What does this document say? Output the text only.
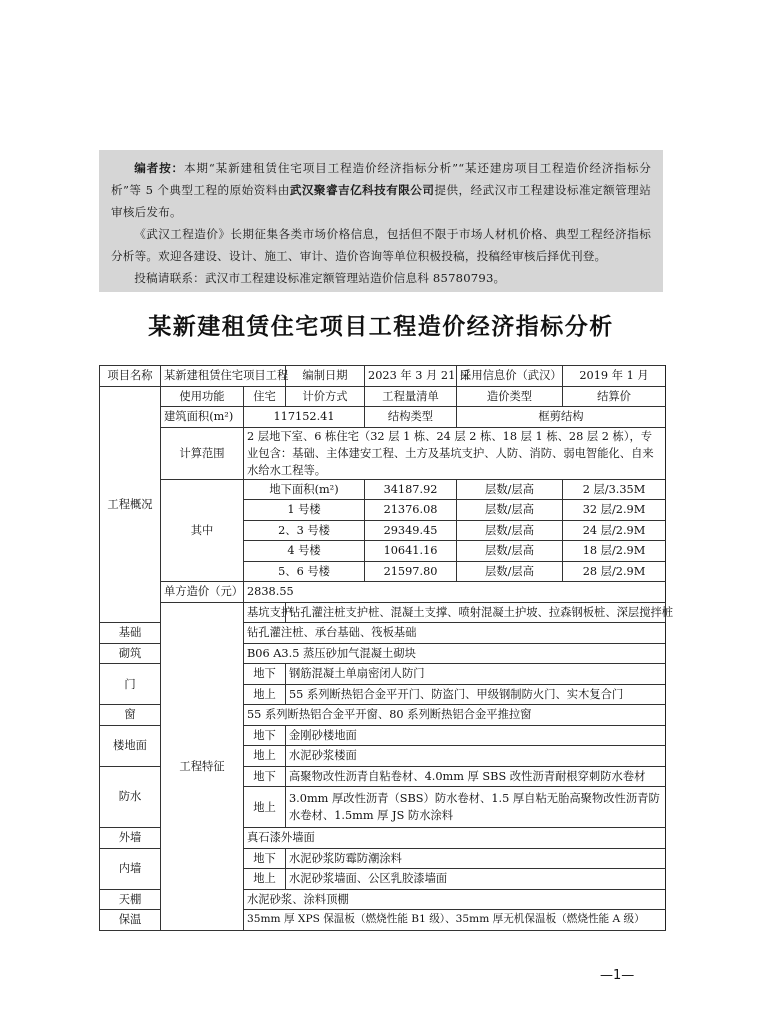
编者按：本期“某新建租赁住宅项目工程造价经济指标分析”“某还建房项目工程造价经济指标分析”等 5 个典型工程的原始资料由武汉聚睿吉亿科技有限公司提供，经武汉市工程建设标准定额管理站审核后发布。

《武汉工程造价》长期征集各类市场价格信息，包括但不限于市场人材机价格、典型工程经济指标分析等。欢迎各建设、设计、施工、审计、造价咨询等单位积极投稿，投稿经审核后择优刊登。

投稿请联系：武汉市工程建设标准定额管理站造价信息科 85780793。

某新建租赁住宅项目工程造价经济指标分析
项目名称	某新建租赁住宅项目工程		编制日期	2023 年 3 月 21 日	采用信息价（武汉）	2019 年 1 月
工程概况	使用功能	住宅	计价方式	工程量清单	造价类型	结算价
	建筑面积(m²)	117152.41		结构类型	框剪结构	
	计算范围	2 层地下室、6 栋住宅（32 层 1 栋、24 层 2 栋、18 层 1 栋、28 层 2 栋），专业包含：基础、主体建安工程、土方及基坑支护、人防、消防、弱电智能化、自来水给水工程等。				
	其中	地下面积(m²)		34187.92	层数/层高	2 层/3.35M
		1 号楼		21376.08	层数/层高	32 层/2.9M
		2、3 号楼		29349.45	层数/层高	24 层/2.9M
		4 号楼		10641.16	层数/层高	18 层/2.9M
		5、6 号楼		21597.80	层数/层高	28 层/2.9M
	单方造价（元）	2838.55				
	工程特征	基坑支护	钻孔灌注桩支护桩、混凝土支撑、喷射混凝土护坡、拉森钢板桩、深层搅拌桩			
基础		钻孔灌注桩、承台基础、筏板基础				
砌筑		B06 A3.5 蒸压砂加气混凝土砌块				
门		地下	钢筋混凝土单扇密闭人防门			
		地上	55 系列断热铝合金平开门、防盗门、甲级钢制防火门、实木复合门			
窗		55 系列断热铝合金平开窗、80 系列断热铝合金平推拉窗				
楼地面		地下	金刚砂楼地面			
		地上	水泥砂浆楼面			
防水		地下	高聚物改性沥青自粘卷材、4.0mm 厚 SBS 改性沥青耐根穿刺防水卷材			
		地上	3.0mm 厚改性沥青（SBS）防水卷材、1.5 厚自粘无胎高聚物改性沥青防水卷材、1.5mm 厚 JS 防水涂料			
外墙		真石漆外墙面				
内墙		地下	水泥砂浆防霉防潮涂料			
		地上	水泥砂浆墙面、公区乳胶漆墙面			
天棚		水泥砂浆、涂料顶棚				
保温		35mm 厚 XPS 保温板（燃烧性能 B1 级）、35mm 厚无机保温板（燃烧性能 A 级）				
—1—
